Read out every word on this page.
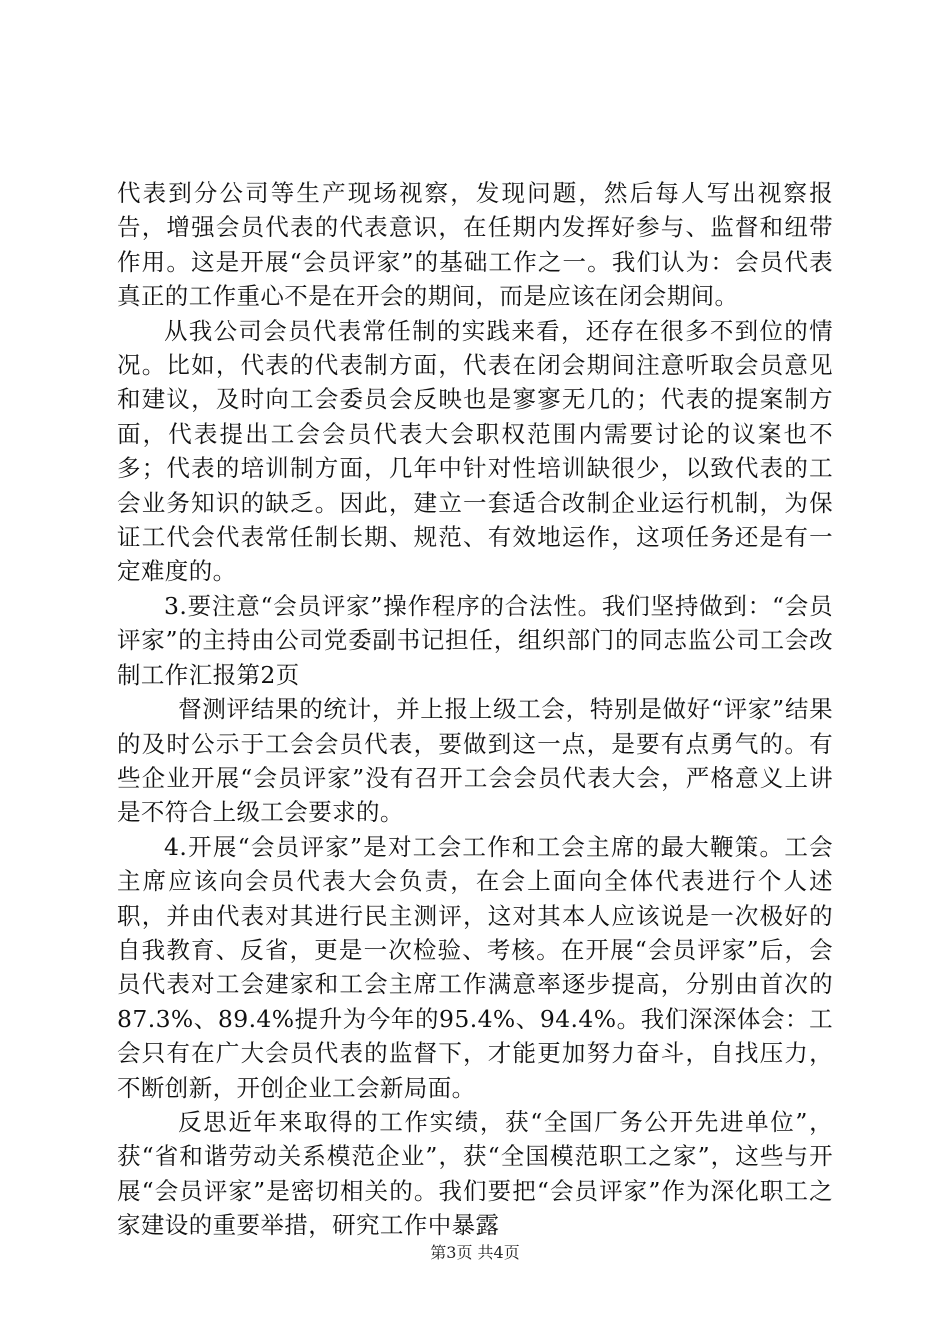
代表到分公司等生产现场视察，发现问题，然后每人写出视察报告，增强会员代表的代表意识，在任期内发挥好参与、监督和纽带作用。这是开展“会员评家”的基础工作之一。我们认为：会员代表真正的工作重心不是在开会的期间，而是应该在闭会期间。

从我公司会员代表常任制的实践来看，还存在很多不到位的情况。比如，代表的代表制方面，代表在闭会期间注意听取会员意见和建议，及时向工会委员会反映也是寥寥无几的；代表的提案制方面，代表提出工会会员代表大会职权范围内需要讨论的议案也不多；代表的培训制方面，几年中针对性培训缺很少，以致代表的工会业务知识的缺乏。因此，建立一套适合改制企业运行机制，为保证工代会代表常任制长期、规范、有效地运作，这项任务还是有一定难度的。

3.要注意“会员评家”操作程序的合法性。我们坚持做到：“会员评家”的主持由公司党委副书记担任，组织部门的同志监公司工会改制工作汇报第2页

督测评结果的统计，并上报上级工会，特别是做好“评家”结果的及时公示于工会会员代表，要做到这一点，是要有点勇气的。有些企业开展“会员评家”没有召开工会会员代表大会，严格意义上讲是不符合上级工会要求的。

4.开展“会员评家”是对工会工作和工会主席的最大鞭策。工会主席应该向会员代表大会负责，在会上面向全体代表进行个人述职，并由代表对其进行民主测评，这对其本人应该说是一次极好的自我教育、反省，更是一次检验、考核。在开展“会员评家”后，会员代表对工会建家和工会主席工作满意率逐步提高，分别由首次的87.3%、89.4%提升为今年的95.4%、94.4%。我们深深体会：工会只有在广大会员代表的监督下，才能更加努力奋斗，自找压力，不断创新，开创企业工会新局面。

反思近年来取得的工作实绩，获“全国厂务公开先进单位”，获“省和谐劳动关系模范企业”，获“全国模范职工之家”，这些与开展“会员评家”是密切相关的。我们要把“会员评家”作为深化职工之家建设的重要举措，研究工作中暴露

第3页 共4页
